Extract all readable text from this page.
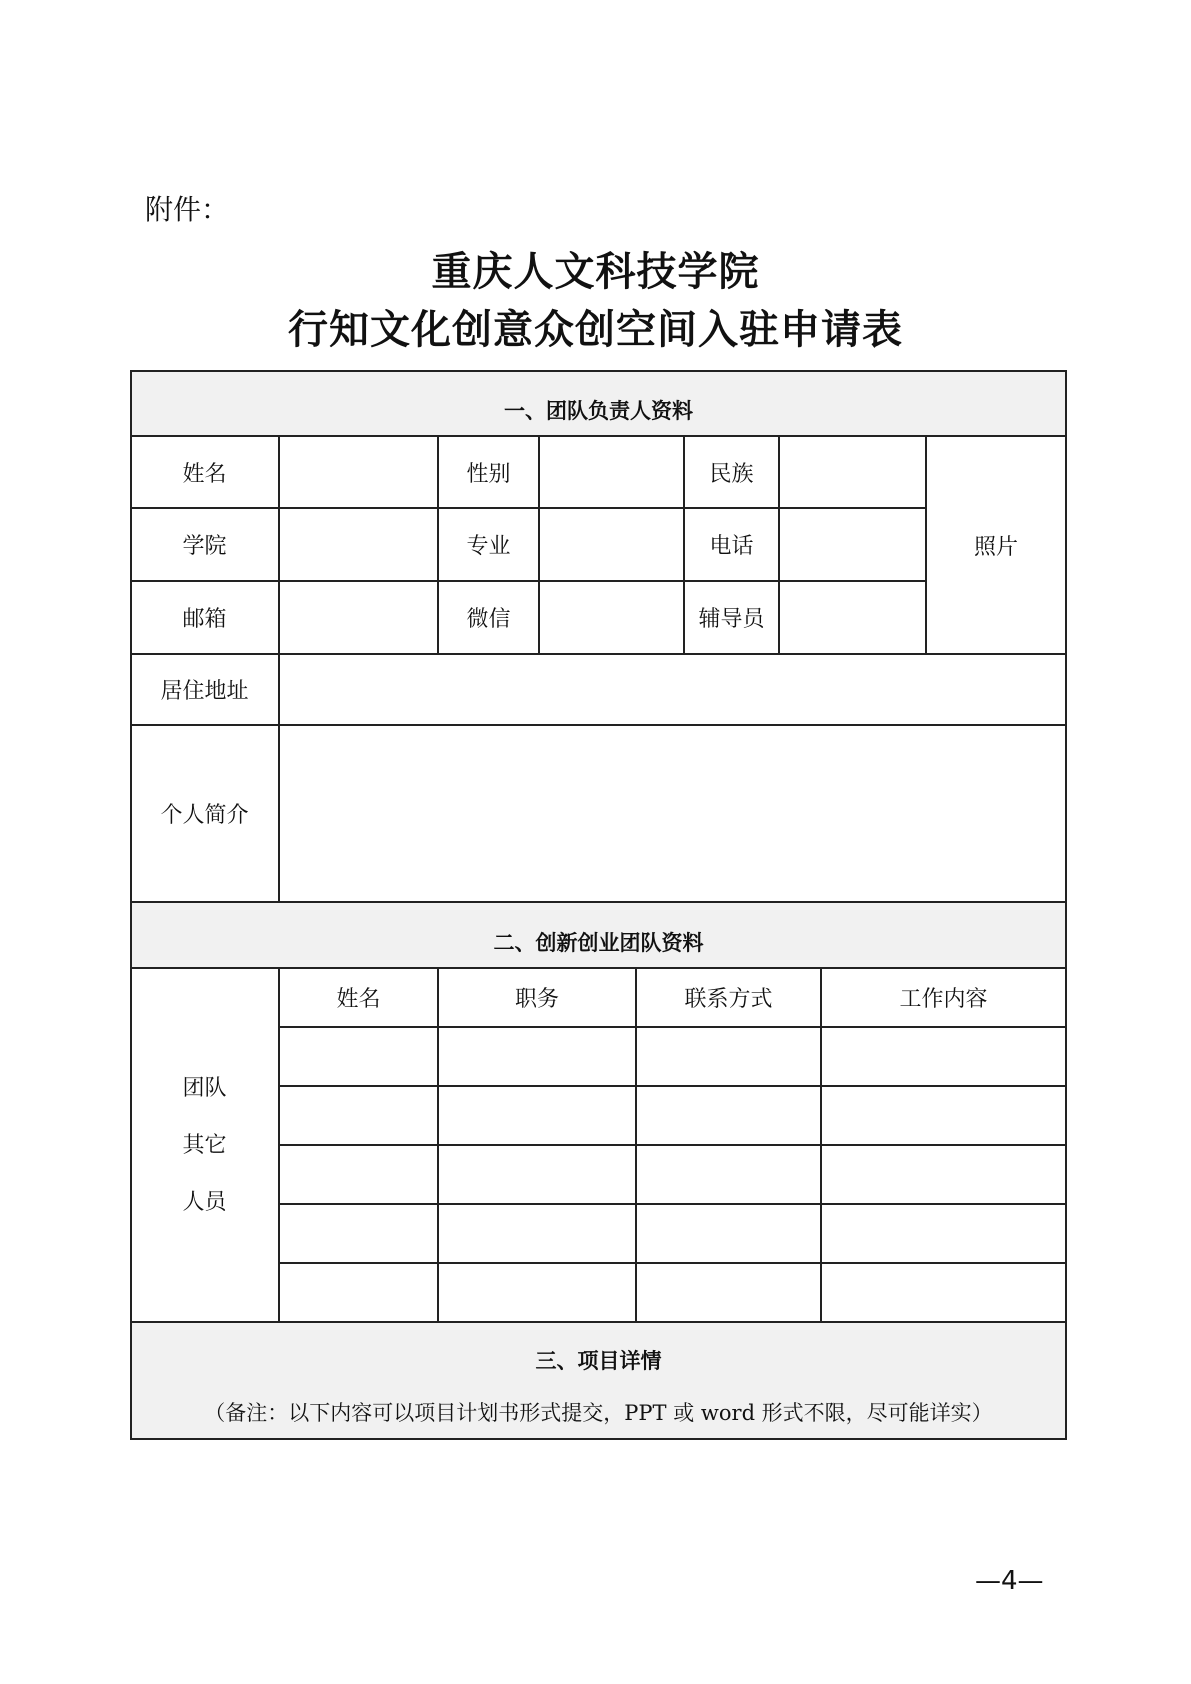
附件：
重庆人文科技学院
行知文化创意众创空间入驻申请表
一、团队负责人资料
姓名	性别	民族
学院	专业	电话
邮箱	微信	辅导员
照片
居住地址
个人简介
二、创新创业团队资料
团队
其它
人员
姓名	职务	联系方式	工作内容
三、项目详情
（备注：以下内容可以项目计划书形式提交，PPT 或 word 形式不限，尽可能详实）
—4—
